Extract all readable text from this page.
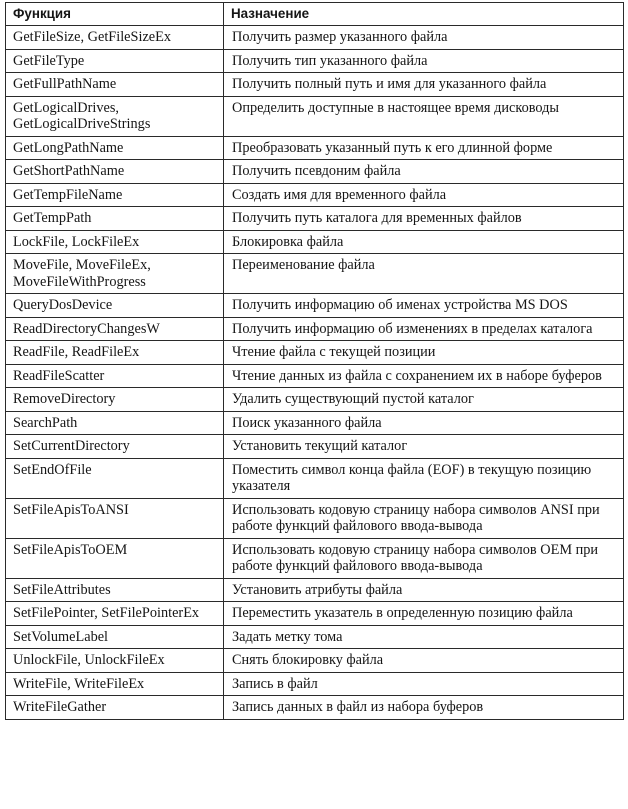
Функция	Назначение
GetFileSize, GetFileSizeEx	Получить размер указанного файла
GetFileType	Получить тип указанного файла
GetFullPathName	Получить полный путь и имя для указанного файла
GetLogicalDrives, GetLogicalDriveStrings	Определить доступные в настоящее время дисководы
GetLongPathName	Преобразовать указанный путь к его длинной форме
GetShortPathName	Получить псевдоним файла
GetTempFileName	Создать имя для временного файла
GetTempPath	Получить путь каталога для временных файлов
LockFile, LockFileEx	Блокировка файла
MoveFile, MoveFileEx, MoveFileWithProgress	Переименование файла
QueryDosDevice	Получить информацию об именах устройства MS DOS
ReadDirectoryChangesW	Получить информацию об изменениях в пределах каталога
ReadFile, ReadFileEx	Чтение файла с текущей позиции
ReadFileScatter	Чтение данных из файла с сохранением их в наборе буферов
RemoveDirectory	Удалить существующий пустой каталог
SearchPath	Поиск указанного файла
SetCurrentDirectory	Установить текущий каталог
SetEndOfFile	Поместить символ конца файла (EOF) в текущую позицию указателя
SetFileApisToANSI	Использовать кодовую страницу набора символов ANSI при работе функций файлового ввода-вывода
SetFileApisToOEM	Использовать кодовую страницу набора символов OEM при работе функций файлового ввода-вывода
SetFileAttributes	Установить атрибуты файла
SetFilePointer, SetFilePointerEx	Переместить указатель в определенную позицию файла
SetVolumeLabel	Задать метку тома
UnlockFile, UnlockFileEx	Снять блокировку файла
WriteFile, WriteFileEx	Запись в файл
WriteFileGather	Запись данных в файл из набора буферов
